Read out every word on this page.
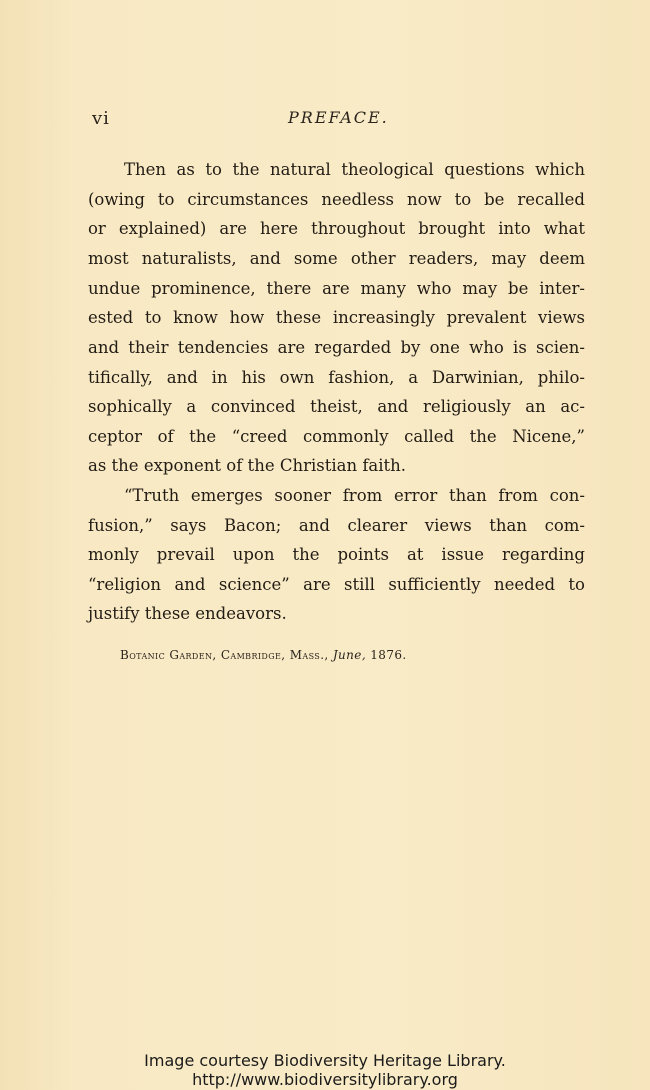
vi	PREFACE.
Then as to the natural theological questions which
(owing to circumstances needless now to be recalled
or explained) are here throughout brought into what
most naturalists, and some other readers, may deem
undue prominence, there are many who may be inter-
ested to know how these increasingly prevalent views
and their tendencies are regarded by one who is scien-
tifically, and in his own fashion, a Darwinian, philo-
sophically a convinced theist, and religiously an ac-
ceptor of the “creed commonly called the Nicene,”
as the exponent of the Christian faith.
“Truth emerges sooner from error than from con-
fusion,” says Bacon; and clearer views than com-
monly prevail upon the points at issue regarding
“religion and science” are still sufficiently needed to
justify these endeavors.
Botanic Garden, Cambridge, Mass., June, 1876.
Image courtesy Biodiversity Heritage Library.
http://www.biodiversitylibrary.org
